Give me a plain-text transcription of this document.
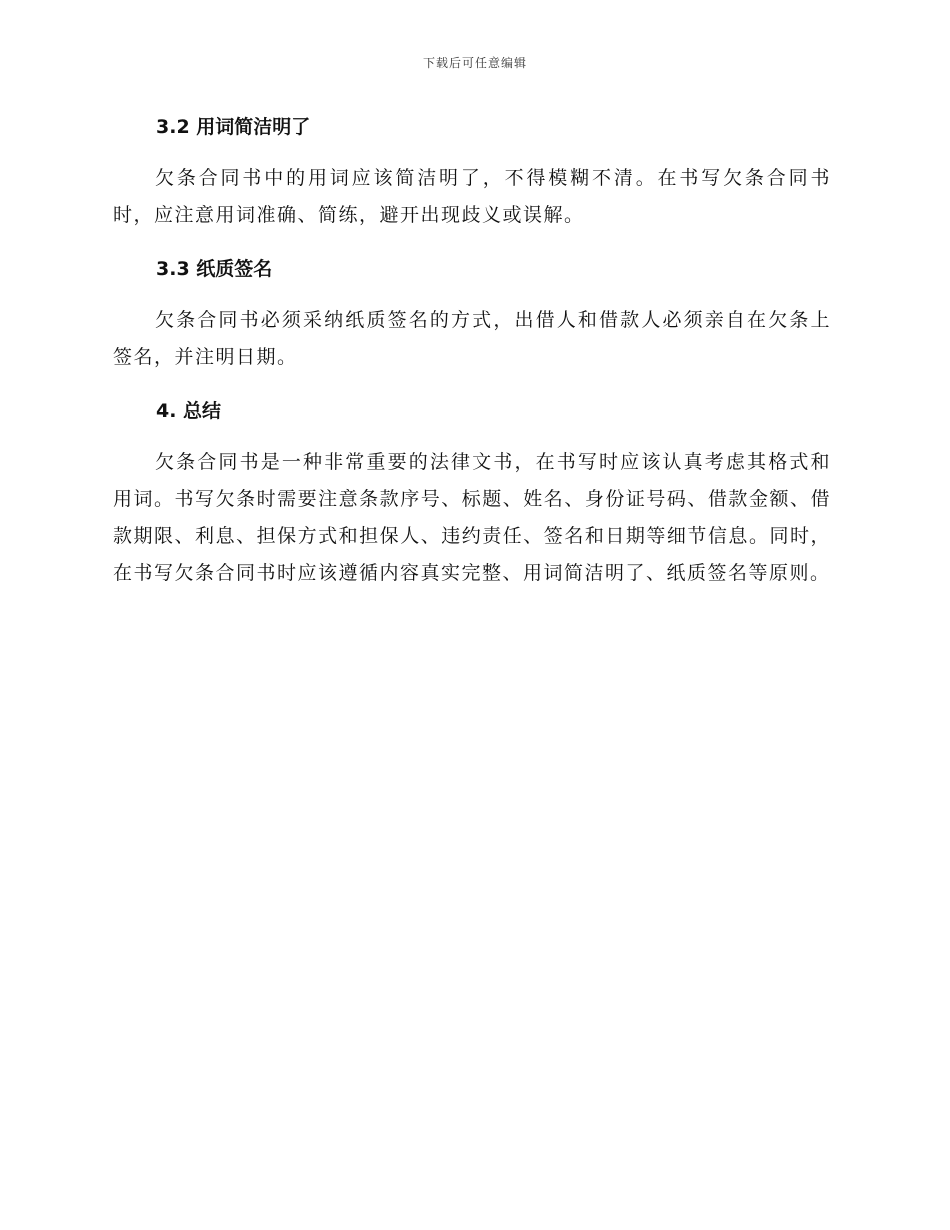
下载后可任意编辑
3.2 用词简洁明了

欠条合同书中的用词应该简洁明了，不得模糊不清。在书写欠条合同书时，应注意用词准确、简练，避开出现歧义或误解。

3.3 纸质签名

欠条合同书必须采纳纸质签名的方式，出借人和借款人必须亲自在欠条上签名，并注明日期。

4. 总结

欠条合同书是一种非常重要的法律文书，在书写时应该认真考虑其格式和用词。书写欠条时需要注意条款序号、标题、姓名、身份证号码、借款金额、借款期限、利息、担保方式和担保人、违约责任、签名和日期等细节信息。同时，在书写欠条合同书时应该遵循内容真实完整、用词简洁明了、纸质签名等原则。
